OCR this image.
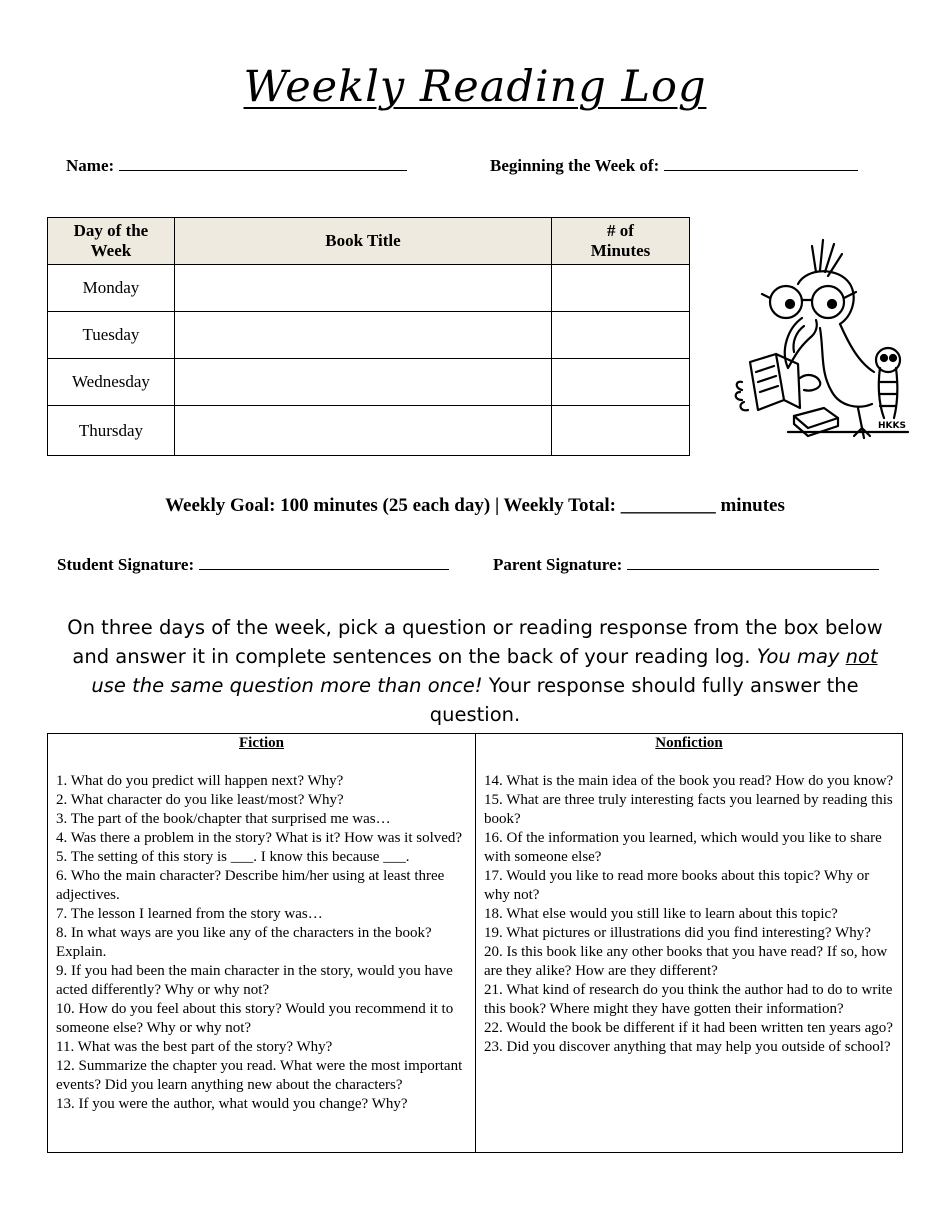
Weekly Reading Log
Name:	Beginning the Week of:
Day of the Week	Book Title	# of Minutes
Monday		
Tuesday		
Wednesday		
Thursday			HKKS
Weekly Goal: 100 minutes (25 each day) | Weekly Total: __________ minutes
Student Signature:	Parent Signature:
On three days of the week, pick a question or reading response from the box below and answer it in complete sentences on the back of your reading log. You may not use the same question more than once! Your response should fully answer the question.
Fiction

1. What do you predict will happen next? Why?

2. What character do you like least/most? Why?

3. The part of the book/chapter that surprised me was…

4. Was there a problem in the story? What is it? How was it solved?

5. The setting of this story is ___. I know this because ___.

6. Who the main character? Describe him/her using at least three adjectives.

7. The lesson I learned from the story was…

8. In what ways are you like any of the characters in the book? Explain.

9. If you had been the main character in the story, would you have acted differently? Why or why not?

10. How do you feel about this story? Would you recommend it to someone else? Why or why not?

11. What was the best part of the story? Why?

12. Summarize the chapter you read. What were the most important events? Did you learn anything new about the characters?

13. If you were the author, what would you change? Why?

Nonfiction

14. What is the main idea of the book you read? How do you know?

15. What are three truly interesting facts you learned by reading this book?

16. Of the information you learned, which would you like to share with someone else?

17. Would you like to read more books about this topic? Why or why not?

18. What else would you still like to learn about this topic?

19. What pictures or illustrations did you find interesting? Why?

20. Is this book like any other books that you have read? If so, how are they alike? How are they different?

21. What kind of research do you think the author had to do to write this book? Where might they have gotten their information?

22. Would the book be different if it had been written ten years ago?

23. Did you discover anything that may help you outside of school?
